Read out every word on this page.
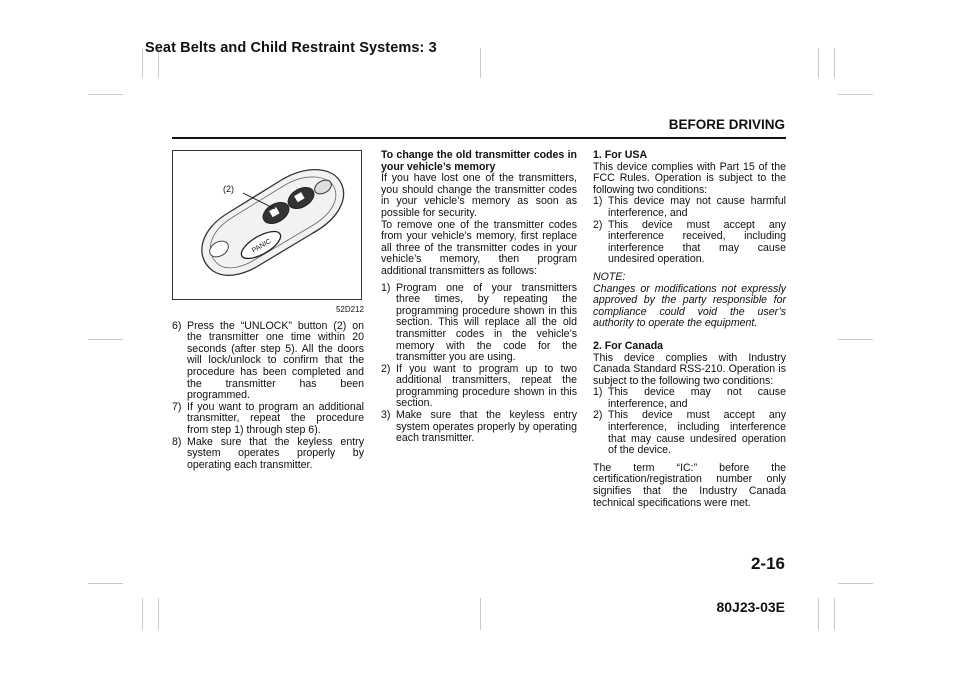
Seat Belts and Child Restraint Systems: 3
BEFORE DRIVING
PANIC
(2)
52D212
6) Press the “UNLOCK” button (2) on the transmitter one time within 20 seconds (after step 5). All the doors will lock/unlock to confirm that the procedure has been completed and the transmitter has been programmed.
7) If you want to program an additional transmitter, repeat the procedure from step 1) through step 6).
8) Make sure that the keyless entry system operates properly by operating each transmitter.

To change the old transmitter codes in your vehicle’s memory

If you have lost one of the transmitters, you should change the transmitter codes in your vehicle’s memory as soon as possible for security.

To remove one of the transmitter codes from your vehicle’s memory, first replace all three of the transmitter codes in your vehicle’s memory, then program additional transmitters as follows:

1) Program one of your transmitters three times, by repeating the programming procedure shown in this section. This will replace all the old transmitter codes in the vehicle’s memory with the code for the transmitter you are using.
2) If you want to program up to two additional transmitters, repeat the programming procedure shown in this section.
3) Make sure that the keyless entry system operates properly by operating each transmitter.

1. For USA

This device complies with Part 15 of the FCC Rules. Operation is subject to the following two conditions:

1) This device may not cause harmful interference, and
2) This device must accept any interference received, including interference that may cause undesired operation.

NOTE:

Changes or modifications not expressly approved by the party responsible for compliance could void the user’s authority to operate the equipment.

2. For Canada

This device complies with Industry Canada Standard RSS-210. Operation is subject to the following two conditions:

1) This device may not cause interference, and
2) This device must accept any interference, including interference that may cause undesired operation of the device.

The term “IC:” before the certification/registration number only signifies that the Industry Canada technical specifications were met.

2-16
80J23-03E
